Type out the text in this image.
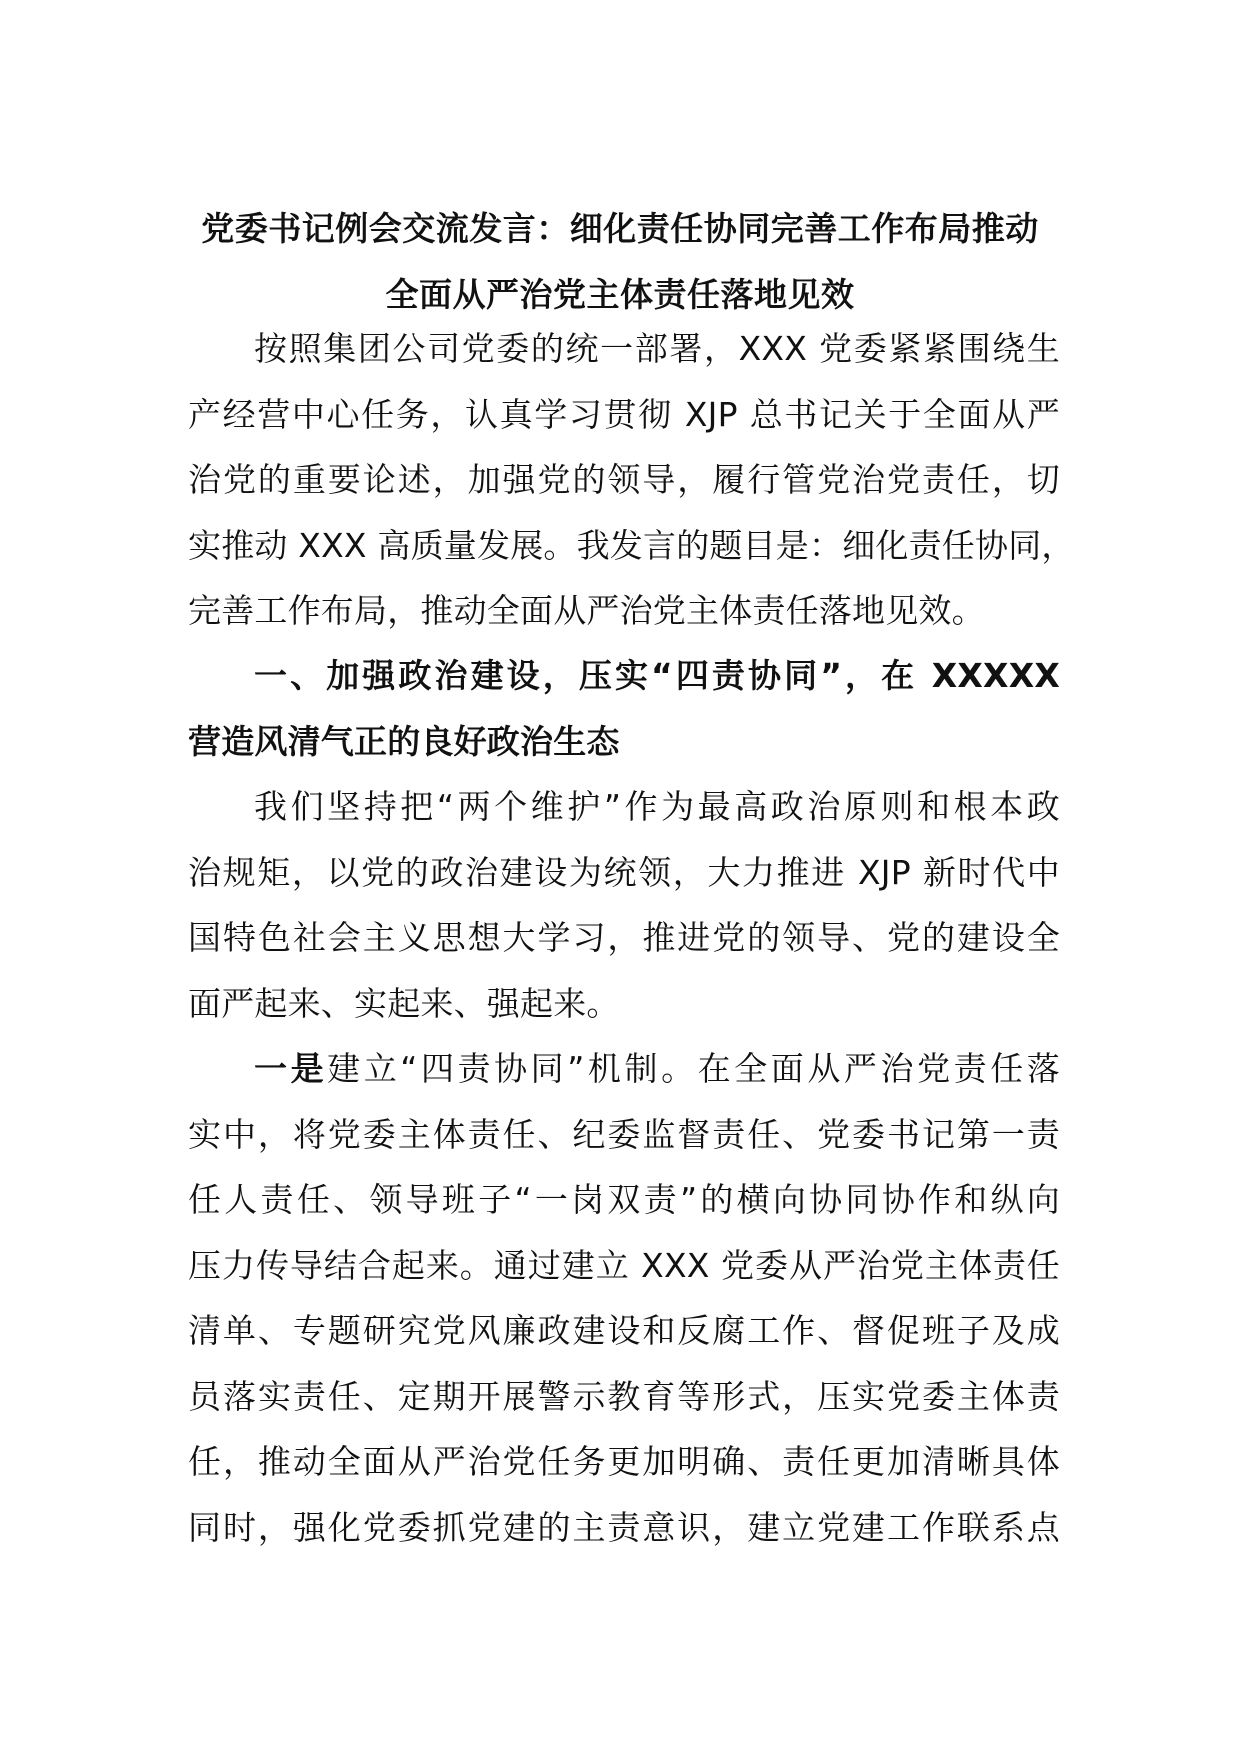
党委书记例会交流发言：细化责任协同完善工作布局推动
全面从严治党主体责任落地见效
按照集团公司党委的统一部署，XXX 党委紧紧围绕生
产经营中心任务，认真学习贯彻 XJP 总书记关于全面从严
治党的重要论述，加强党的领导，履行管党治党责任，切
实推动 XXX 高质量发展。我发言的题目是：细化责任协同，
完善工作布局，推动全面从严治党主体责任落地见效。
一、加强政治建设，压实“四责协同”，在 XXXXX
营造风清气正的良好政治生态
我们坚持把“两个维护”作为最高政治原则和根本政
治规矩，以党的政治建设为统领，大力推进 XJP 新时代中
国特色社会主义思想大学习，推进党的领导、党的建设全
面严起来、实起来、强起来。
一是建立“四责协同”机制。在全面从严治党责任落
实中，将党委主体责任、纪委监督责任、党委书记第一责
任人责任、领导班子“一岗双责”的横向协同协作和纵向
压力传导结合起来。通过建立 XXX 党委从严治党主体责任
清单、专题研究党风廉政建设和反腐工作、督促班子及成
员落实责任、定期开展警示教育等形式，压实党委主体责
任，推动全面从严治党任务更加明确、责任更加清晰具体
同时，强化党委抓党建的主责意识，建立党建工作联系点
